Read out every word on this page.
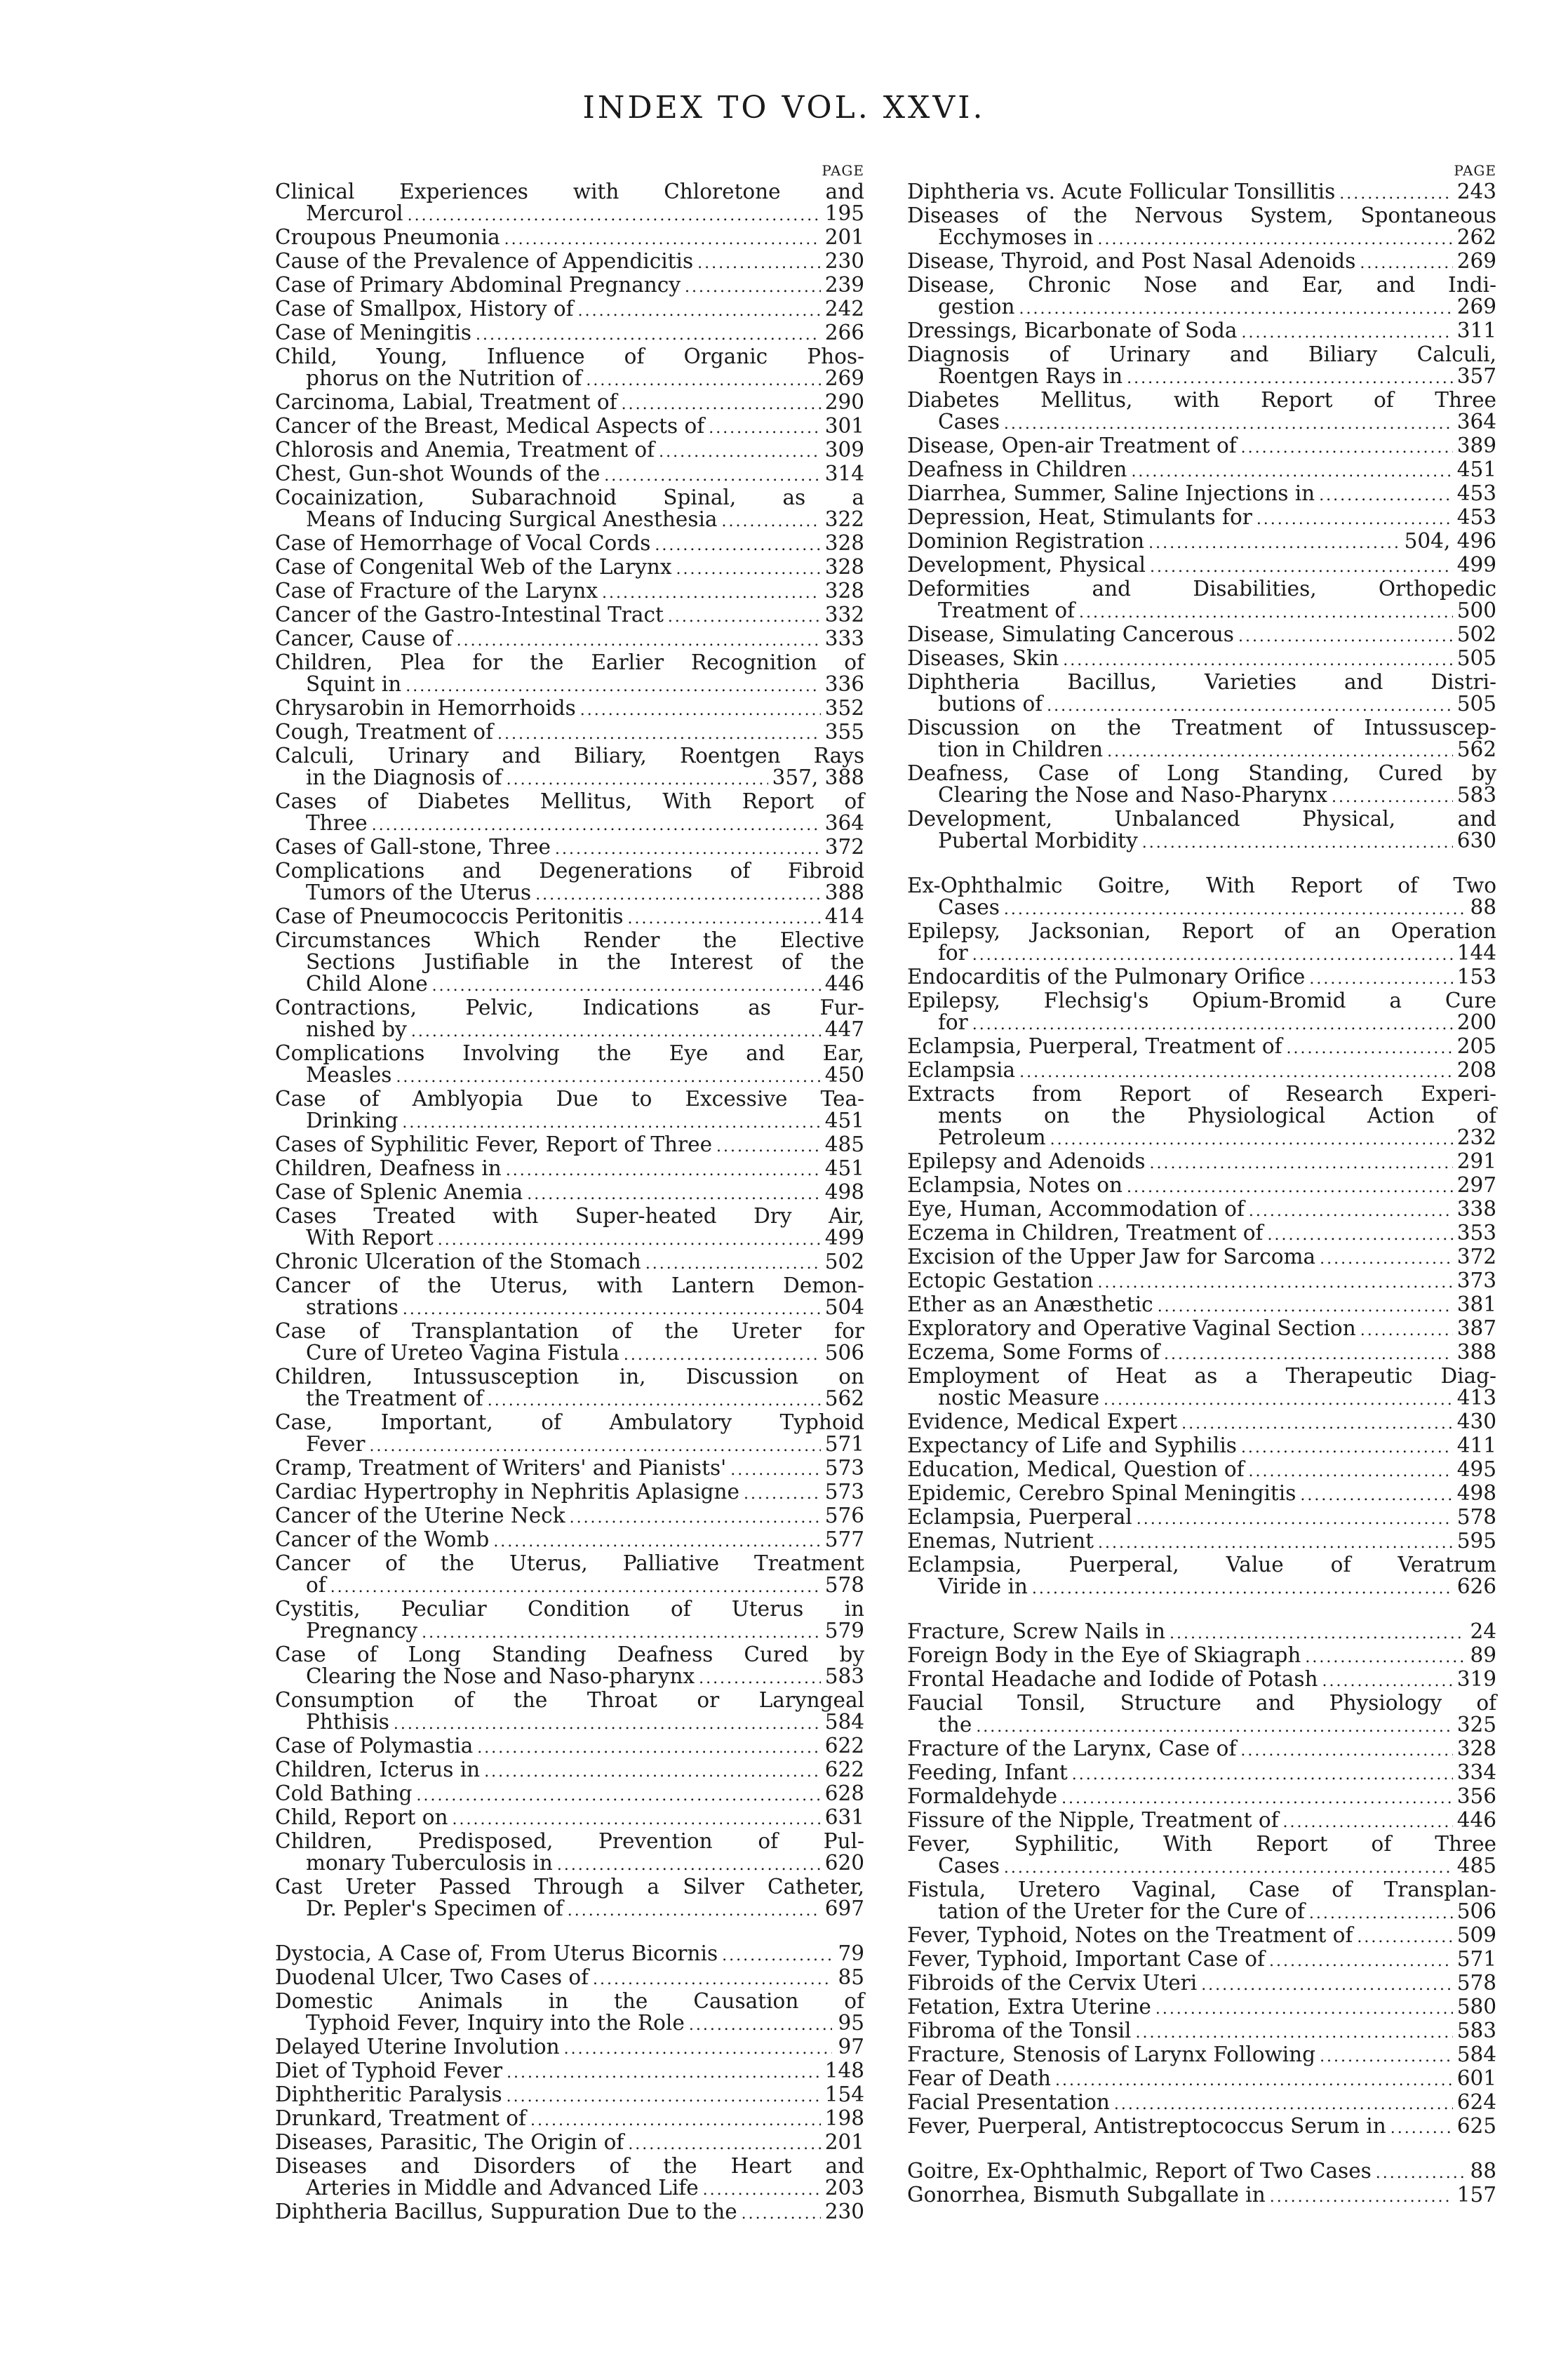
INDEX TO VOL. XXVI.
PAGE
Clinical Experiences with Chloretone and
Mercurol .....	195
Croupous Pneumonia .....	201
Cause of the Prevalence of Appendicitis .....	230
Case of Primary Abdominal Pregnancy .....	239
Case of Smallpox, History of .....	242
Case of Meningitis .....	266
Child, Young, Influence of Organic Phos-
phorus on the Nutrition of .....	269
Carcinoma, Labial, Treatment of .....	290
Cancer of the Breast, Medical Aspects of .....	301
Chlorosis and Anemia, Treatment of .....	309
Chest, Gun-shot Wounds of the .....	314
Cocainization, Subarachnoid Spinal, as a
Means of Inducing Surgical Anesthesia .....	322
Case of Hemorrhage of Vocal Cords .....	328
Case of Congenital Web of the Larynx .....	328
Case of Fracture of the Larynx .....	328
Cancer of the Gastro-Intestinal Tract .....	332
Cancer, Cause of .....	333
Children, Plea for the Earlier Recognition of
Squint in .....	336
Chrysarobin in Hemorrhoids .....	352
Cough, Treatment of .....	355
Calculi, Urinary and Biliary, Roentgen Rays
in the Diagnosis of .....	357, 388
Cases of Diabetes Mellitus, With Report of
Three .....	364
Cases of Gall-stone, Three .....	372
Complications and Degenerations of Fibroid
Tumors of the Uterus .....	388
Case of Pneumococcis Peritonitis .....	414
Circumstances Which Render the Elective
Sections Justifiable in the Interest of the
Child Alone .....	446
Contractions, Pelvic, Indications as Fur-
nished by .....	447
Complications Involving the Eye and Ear,
Measles .....	450
Case of Amblyopia Due to Excessive Tea-
Drinking .....	451
Cases of Syphilitic Fever, Report of Three .....	485
Children, Deafness in .....	451
Case of Splenic Anemia .....	498
Cases Treated with Super-heated Dry Air,
With Report .....	499
Chronic Ulceration of the Stomach .....	502
Cancer of the Uterus, with Lantern Demon-
strations .....	504
Case of Transplantation of the Ureter for
Cure of Ureteo Vagina Fistula .....	506
Children, Intussusception in, Discussion on
the Treatment of .....	562
Case, Important, of Ambulatory Typhoid
Fever .....	571
Cramp, Treatment of Writers' and Pianists' .....	573
Cardiac Hypertrophy in Nephritis Aplasigne .....	573
Cancer of the Uterine Neck .....	576
Cancer of the Womb .....	577
Cancer of the Uterus, Palliative Treatment
of .....	578
Cystitis, Peculiar Condition of Uterus in
Pregnancy .....	579
Case of Long Standing Deafness Cured by
Clearing the Nose and Naso-pharynx .....	583
Consumption of the Throat or Laryngeal
Phthisis .....	584
Case of Polymastia .....	622
Children, Icterus in .....	622
Cold Bathing .....	628
Child, Report on .....	631
Children, Predisposed, Prevention of Pul-
monary Tuberculosis in .....	620
Cast Ureter Passed Through a Silver Catheter,
Dr. Pepler's Specimen of .....	697
Dystocia, A Case of, From Uterus Bicornis .....	79
Duodenal Ulcer, Two Cases of .....	85
Domestic Animals in the Causation of
Typhoid Fever, Inquiry into the Role .....	95
Delayed Uterine Involution .....	97
Diet of Typhoid Fever .....	148
Diphtheritic Paralysis .....	154
Drunkard, Treatment of .....	198
Diseases, Parasitic, The Origin of .....	201
Diseases and Disorders of the Heart and
Arteries in Middle and Advanced Life .....	203
Diphtheria Bacillus, Suppuration Due to the .....	230
PAGE
Diphtheria vs. Acute Follicular Tonsillitis .....	243
Diseases of the Nervous System, Spontaneous
Ecchymoses in .....	262
Disease, Thyroid, and Post Nasal Adenoids .....	269
Disease, Chronic Nose and Ear, and Indi-
gestion .....	269
Dressings, Bicarbonate of Soda .....	311
Diagnosis of Urinary and Biliary Calculi,
Roentgen Rays in .....	357
Diabetes Mellitus, with Report of Three
Cases .....	364
Disease, Open-air Treatment of .....	389
Deafness in Children .....	451
Diarrhea, Summer, Saline Injections in .....	453
Depression, Heat, Stimulants for .....	453
Dominion Registration .....	504, 496
Development, Physical .....	499
Deformities and Disabilities, Orthopedic
Treatment of .....	500
Disease, Simulating Cancerous .....	502
Diseases, Skin .....	505
Diphtheria Bacillus, Varieties and Distri-
butions of .....	505
Discussion on the Treatment of Intussuscep-
tion in Children .....	562
Deafness, Case of Long Standing, Cured by
Clearing the Nose and Naso-Pharynx .....	583
Development, Unbalanced Physical, and
Pubertal Morbidity .....	630
Ex-Ophthalmic Goitre, With Report of Two
Cases .....	88
Epilepsy, Jacksonian, Report of an Operation
for .....	144
Endocarditis of the Pulmonary Orifice .....	153
Epilepsy, Flechsig's Opium-Bromid a Cure
for .....	200
Eclampsia, Puerperal, Treatment of .....	205
Eclampsia .....	208
Extracts from Report of Research Experi-
ments on the Physiological Action of
Petroleum .....	232
Epilepsy and Adenoids .....	291
Eclampsia, Notes on .....	297
Eye, Human, Accommodation of .....	338
Eczema in Children, Treatment of .....	353
Excision of the Upper Jaw for Sarcoma .....	372
Ectopic Gestation .....	373
Ether as an Anæsthetic .....	381
Exploratory and Operative Vaginal Section .....	387
Eczema, Some Forms of .....	388
Employment of Heat as a Therapeutic Diag-
nostic Measure .....	413
Evidence, Medical Expert .....	430
Expectancy of Life and Syphilis .....	411
Education, Medical, Question of .....	495
Epidemic, Cerebro Spinal Meningitis .....	498
Eclampsia, Puerperal .....	578
Enemas, Nutrient .....	595
Eclampsia, Puerperal, Value of Veratrum
Viride in .....	626
Fracture, Screw Nails in .....	24
Foreign Body in the Eye of Skiagraph .....	89
Frontal Headache and Iodide of Potash .....	319
Faucial Tonsil, Structure and Physiology of
the .....	325
Fracture of the Larynx, Case of .....	328
Feeding, Infant .....	334
Formaldehyde .....	356
Fissure of the Nipple, Treatment of .....	446
Fever, Syphilitic, With Report of Three
Cases .....	485
Fistula, Uretero Vaginal, Case of Transplan-
tation of the Ureter for the Cure of .....	506
Fever, Typhoid, Notes on the Treatment of .....	509
Fever, Typhoid, Important Case of .....	571
Fibroids of the Cervix Uteri .....	578
Fetation, Extra Uterine .....	580
Fibroma of the Tonsil .....	583
Fracture, Stenosis of Larynx Following .....	584
Fear of Death .....	601
Facial Presentation .....	624
Fever, Puerperal, Antistreptococcus Serum in .....	625
Goitre, Ex-Ophthalmic, Report of Two Cases .....	88
Gonorrhea, Bismuth Subgallate in .....	157
